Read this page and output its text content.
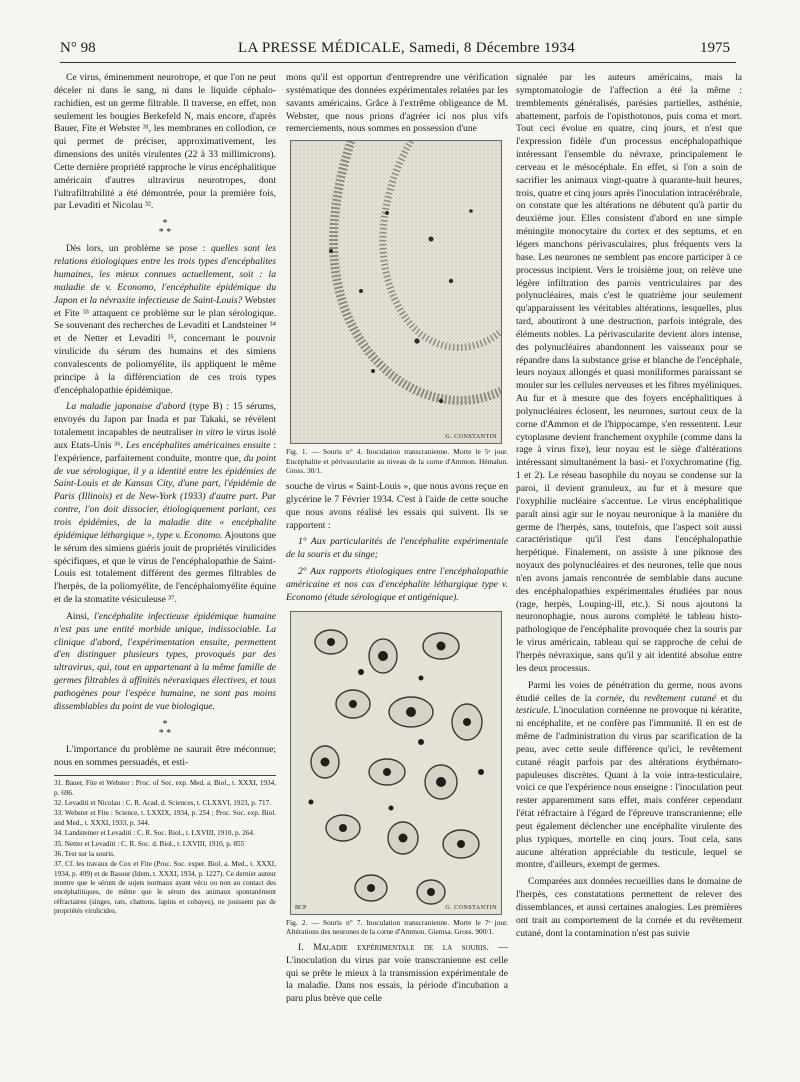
N° 98	LA PRESSE MÉDICALE, Samedi, 8 Décembre 1934	1975

Ce virus, éminemment neurotrope, et que l'on ne peut déceler ni dans le sang, ni dans le liquide céphalo-rachidien, est un germe filtrable. Il traverse, en effet, non seulement les bougies Berkefeld N, mais encore, d'après Bauer, Fite et Webster ³¹, les membranes en collodion, ce qui permet de préciser, approximativement, les dimensions des unités virulentes (22 à 33 millimicrons). Cette dernière propriété rapproche le virus encéphalitique américain d'autres ultravirus neurotropes, dont l'ultrafiltrabilité a été démontrée, pour la première fois, par Levaditi et Nicolau ³².

*
* *

Dès lors, un problème se pose : quelles sont les relations étiologiques entre les trois types d'encéphalites humaines, les mieux connues actuellement, soit : la maladie de v. Economo, l'encéphalite épidémique du Japon et la névraxite infectieuse de Saint-Louis? Webster et Fite ³³ attaquent ce problème sur le plan sérologique. Se souvenant des recherches de Levaditi et Landsteiner ³⁴ et de Netter et Levaditi ³⁵, concernant le pouvoir virulicide du sérum des humains et des simiens convalescents de poliomyélite, ils appliquent le même principe à la différenciation de ces trois types d'encéphalopathie épidémique.

La maladie japonaise d'abord (type B) : 15 sérums, envoyés du Japon par Inada et par Takaki, se révèlent totalement incapables de neutraliser in vitro le virus isolé aux Etats-Unis ³⁶. Les encéphalites américaines ensuite : l'expérience, parfaitement conduite, montre que, du point de vue sérologique, il y a identité entre les épidémies de Saint-Louis et de Kansas City, d'une part, l'épidémie de Paris (Illinois) et de New-York (1933) d'autre part. Par contre, l'on doit dissocier, étiologiquement parlant, ces trois épidémies, de la maladie dite « encéphalite épidémique léthargique », type v. Economo. Ajoutons que le sérum des simiens guéris jouit de propriétés virulicides spécifiques, et que le virus de l'encéphalopathie de Saint-Louis est totalement différent des germes filtrables de l'herpès, de la poliomyélite, de l'encéphalomyélite équine et de la stomatite vésiculeuse ³⁷.

Ainsi, l'encéphalite infectieuse épidémique humaine n'est pas une entité morbide unique, indissociable. La clinique d'abord, l'expérimentation ensuite, permettent d'en distinguer plusieurs types, provoqués par des ultravirus, qui, tout en appartenant à la même famille de germes filtrables à affinités névraxiques électives, et tous pathogènes pour l'espèce humaine, ne sont pas moins dissemblables du point de vue biologique.

*
* *

L'importance du problème ne saurait être méconnue; nous en sommes persuadés, et esti-

31. Bauer, Fite et Webster : Proc. of Soc. exp. Med. a. Biol., t. XXXI, 1934, p. 696.

32. Levaditi et Nicolau : C. R. Acad. d. Sciences, t. CLXXVI, 1923, p. 717.

33. Webster et Fite : Science, t. LXXIX, 1934, p. 254 ; Proc. Soc. exp. Biol. and Med., t. XXXI, 1933, p. 344.

34. Landsteiner et Levaditi : C. R. Soc. Biol., t. LXVIII, 1910, p. 264.

35. Netter et Levaditi : C. R. Soc. d. Biol., t. LXVIII, 1910, p. 855

36. Test sur la souris.

37. Cf. les travaux de Cox et Fite (Proc. Soc. exper. Biol. a. Med., t. XXXI, 1934, p. 499) et de Basour (Idem, t. XXXI, 1934, p. 1227). Ce dernier auteur montre que le sérum de sujets normaux ayant vécu ou non au contact des encéphalitiques, de même que le sérum des animaux spontanément réfractaires (singes, rats, chattons, lapins et cobayes), ne jouissent pas de propriétés virulicides.

mons qu'il est opportun d'entreprendre une vérification systématique des données expérimentales relatées par les savants américains. Grâce à l'extrême obligeance de M. Webster, que nous prions d'agréer ici nos plus vifs remerciements, nous sommes en possession d'une

G. CONSTANTIN

Fig. 1. — Souris n° 4. Inoculation transcranienne. Morte le 5ᵉ jour. Encéphalite et périvascularite au niveau de la corne d'Ammon. Hémalun. Gross. 30/1.

souche de virus « Saint-Louis », que nous avons reçue en glycérine le 7 Février 1934. C'est à l'aide de cette souche que nous avons réalisé les essais qui suivent. Ils se rapportent :

1° Aux particularités de l'encéphalite expérimentale de la souris et du singe;

2° Aux rapports étiologiques entre l'encéphalopathie américaine et nos cas d'encéphalite léthargique type v. Economo (étude sérologique et antigénique).

BCP	G. CONSTANTIN

Fig. 2. — Souris n° 7. Inoculation transcranienne. Morte le 7ᵉ jour. Altérations des neurones de la corne d'Ammon. Giemsa. Gross. 900/1.

I. Maladie expérimentale de la souris. — L'inoculation du virus par voie transcranienne est celle qui se prête le mieux à la transmission expérimentale de la maladie. Dans nos essais, la période d'incubation a paru plus brève que celle

signalée par les auteurs américains, mais la symptomatologie de l'affection a été la même : tremblements généralisés, parésies partielles, asthénie, abattement, parfois de l'opisthotonos, puis coma et mort. Tout ceci évolue en quatre, cinq jours, et n'est que l'expression fidèle d'un processus encéphalopathique intéressant l'ensemble du névraxe, principalement le cerveau et le mésocéphale. En effet, si l'on a soin de sacrifier les animaux vingt-quatre à quarante-huit heures, trois, quatre et cinq jours après l'inoculation intracérébrale, on constate que les altérations ne débutent qu'à partir du deuxième jour. Elles consistent d'abord en une simple méningite monocytaire du cortex et des septums, et en légers manchons périvasculaires, plus fréquents vers la base. Les neurones ne semblent pas encore participer à ce processus incipient. Vers le troisième jour, on relève une légère infiltration des parois ventriculaires par des polynucléaires, mais c'est le quatrième jour seulement qu'apparaissent les véritables altérations, lesquelles, plus tard, aboutiront à une destruction, parfois intégrale, des éléments nobles. La périvascularite devient alors intense, des polynucléaires abandonnent les vaisseaux pour se répandre dans la substance grise et blanche de l'encéphale, leurs noyaux allongés et quasi moniliformes paraissant se mouler sur les cellules nerveuses et les fibres myéliniques. Au fur et à mesure que des foyers encéphalitiques à polynucléaires éclosent, les neurones, surtout ceux de la corne d'Ammon et de l'hippocampe, s'en ressentent. Leur cytoplasme devient franchement oxyphile (comme dans la rage à virus fixe), leur noyau est le siège d'altérations intéressant simultanément la basi- et l'oxychromatine (fig. 1 et 2). Le réseau basophile du noyau se condense sur la paroi, il devient granuleux, au fur et à mesure que l'oxyphilie nucléaire s'accentue. Le virus encéphalitique paraît ainsi agir sur le noyau neuronique à la manière du germe de l'herpès, sans, toutefois, que l'aspect soit aussi caractéristique qu'il l'est dans l'encéphalopathie herpétique. Finalement, on assiste à une piknose des noyaux des polynucléaires et des neurones, telle que nous n'en avons jamais rencontrée de semblable dans aucune des encéphalopathies expérimentales étudiées par nous (rage, herpès, Louping-ill, etc.). Si nous ajoutons la neuronophagie, nous aurons complété le tableau histo-pathologique de l'encéphalite provoquée chez la souris par le virus américain, tableau qui se rapproche de celui de l'herpès névraxique, sans qu'il y ait identité absolue entre les deux processus.

Parmi les voies de pénétration du germe, nous avons étudié celles de la cornée, du revêtement cutané et du testicule. L'inoculation cornéenne ne provoque ni kératite, ni encéphalite, et ne confère pas l'immunité. Il en est de même de l'administration du virus par scarification de la peau, avec cette seule différence qu'ici, le revêtement cutané réagit parfois par des altérations érythémato-papuleuses discrètes. Quant à la voie intra-testiculaire, voici ce que l'expérience nous enseigne : l'inoculation peut rester apparemment sans effet, mais conférer cependant l'état réfractaire à l'égard de l'épreuve transcranienne; elle peut également déclencher une encéphalite virulente des plus typiques, mortelle en cinq jours. Tout cela, sans aucune altération appréciable du testicule, lequel se montre, d'ailleurs, exempt de germes.

Comparées aux données recueillies dans le domaine de l'herpès, ces constatations permettent de relever des dissemblances, et aussi certaines analogies. Les premières ont trait au comportement de la cornée et du revêtement cutané, dont la contamination n'est pas suivie
